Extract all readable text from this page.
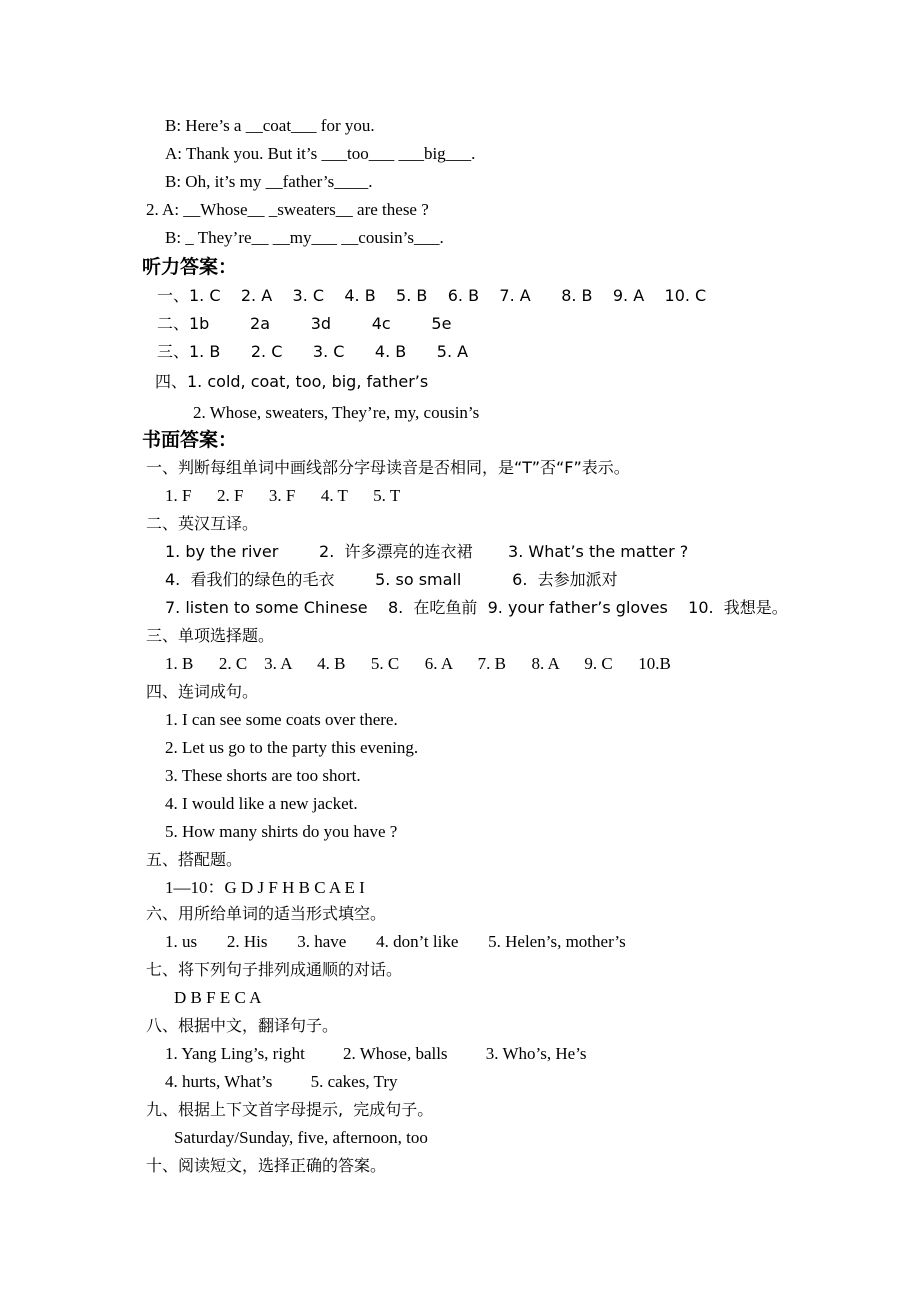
B: Here’s a __coat___ for you.
A: Thank you. But it’s ___too___ ___big___.
B: Oh, it’s my __father’s____.
2. A: __Whose__ _sweaters__ are these ?
B: _ They’re__ __my___ __cousin’s___.
听力答案：
一、1. C    2. A    3. C    4. B    5. B    6. B    7. A      8. B    9. A    10. C
二、1b        2a        3d        4c        5e
三、1. B      2. C      3. C      4. B      5. A
四、1. cold, coat, too, big, father’s
2. Whose, sweaters, They’re, my, cousin’s
书面答案：
一、判断每组单词中画线部分字母读音是否相同，是“T”否“F”表示。
1. F      2. F      3. F      4. T      5. T
二、英汉互译。
1. by the river        2.  许多漂亮的连衣裙       3. What’s the matter ?
4.  看我们的绿色的毛衣        5. so small          6.  去参加派对
7. listen to some Chinese    8.  在吃鱼前  9. your father’s gloves    10.  我想是。
三、单项选择题。
1. B      2. C    3. A      4. B      5. C      6. A      7. B      8. A      9. C      10.B
四、连词成句。
1. I can see some coats over there.
2. Let us go to the party this evening.
3. These shorts are too short.
4. I would like a new jacket.
5. How many shirts do you have ?
五、搭配题。
1—10：G D J F H B C A E I
六、用所给单词的适当形式填空。
1. us       2. His       3. have       4. don’t like       5. Helen’s, mother’s
七、将下列句子排列成通顺的对话。
D B F E C A
八、根据中文，翻译句子。
1. Yang Ling’s, right         2. Whose, balls         3. Who’s, He’s
4. hurts, What’s         5. cakes, Try
九、根据上下文首字母提示,  完成句子。
Saturday/Sunday, five, afternoon, too
十、阅读短文，选择正确的答案。
